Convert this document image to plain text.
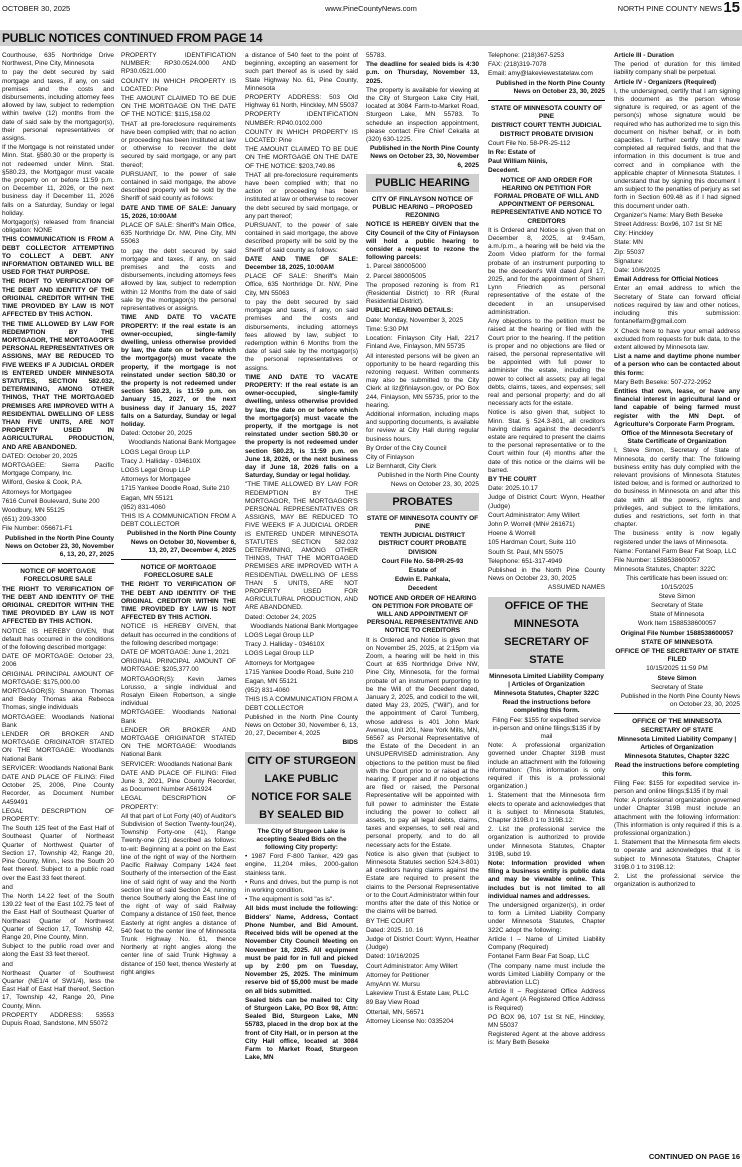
OCTOBER 30, 2025	www.PineCountyNews.com	NORTH PINE COUNTY NEWS 15
PUBLIC NOTICES CONTINUED FROM PAGE 14

Courthouse, 635 Northridge Drive Northwest, Pine City, Minnesota

to pay the debt secured by said mortgage and taxes, if any, on said premises and the costs and disbursements, including attorney fees allowed by law, subject to redemption within twelve (12) months from the date of said sale by the mortgagor(s), their personal representatives or assigns.

If the Mortgage is not reinstated under Minn. Stat. §580.30 or the property is not redeemed under Minn. Stat. §580.23, the Mortgagor must vacate the property on or before 11:59 p.m. on December 11, 2026, or the next business day if December 11, 2026 falls on a Saturday, Sunday or legal holiday.

Mortgagor(s) released from financial obligation: NONE

THIS COMMUNICATION IS FROM A DEBT COLLECTOR ATTEMPTING TO COLLECT A DEBT. ANY INFORMATION OBTAINED WILL BE USED FOR THAT PURPOSE.

THE RIGHT TO VERIFICATION OF THE DEBT AND IDENTITY OF THE ORIGINAL CREDITOR WITHIN THE TIME PROVIDED BY LAW IS NOT AFFECTED BY THIS ACTION.

THE TIME ALLOWED BY LAW FOR REDEMPTION BY THE MORTGAGOR, THE MORTGAGOR'S PERSONAL REPRESENTATIVES OR ASSIGNS, MAY BE REDUCED TO FIVE WEEKS IF A JUDICIAL ORDER IS ENTERED UNDER MINNESOTA STATUTES, SECTION 582.032, DETERMINING, AMONG OTHER THINGS, THAT THE MORTGAGED PREMISES ARE IMPROVED WITH A RESIDENTIAL DWELLING OF LESS THAN FIVE UNITS, ARE NOT PROPERTY USED IN AGRICULTURAL PRODUCTION, AND ARE ABANDONED.

DATED: October 20, 2025

MORTGAGEE: Sierra Pacific Mortgage Company, Inc.

Wilford, Geske & Cook, P.A.

Attorneys for Mortgagee

7616 Currell Boulevard, Suite 200

Woodbury, MN 55125

(651) 209-3300

File Number: 056671-F1

Published in the North Pine County News on October 23, 30, November 6, 13, 20, 27, 2025

NOTICE OF MORTGAGE FORECLOSURE SALE

THE RIGHT TO VERIFICATION OF THE DEBT AND IDENTITY OF THE ORIGINAL CREDITOR WITHIN THE TIME PROVIDED BY LAW IS NOT AFFECTED BY THIS ACTION.

NOTICE IS HEREBY GIVEN, that default has occurred in the conditions of the following described mortgage:

DATE OF MORTGAGE: October 23, 2006

ORIGINAL PRINCIPAL AMOUNT OF MORTGAGE: $175,000.00

MORTGAGOR(S): Shannon Thomas and Becky Thomas aka Rebecca Thomas, single individuals

MORTGAGEE: Woodlands National Bank

LENDER OR BROKER AND MORTGAGE ORIGINATOR STATED ON THE MORTGAGE: Woodlands National Bank

SERVICER: Woodlands National Bank

DATE AND PLACE OF FILING: Filed October 25, 2006, Pine County Recorder, as Document Number A459491

LEGAL DESCRIPTION OF PROPERTY:

The South 125 feet of the East Half of Southeast Quarter of Northeast Quarter of Northwest Quarter of Section 17, Township 42, Range 20, Pine County, Minn., less the South 20 feet thereof. Subject to a public road over the East 33 feet thereof.

and

The North 14.22 feet of the South 139.22 feet of the East 102.75 feet of the East Half of Southeast Quarter of Northeast Quarter of Northwest Quarter of Section 17, Township 42, Range 20, Pine County, Minn.

Subject to the public road over and along the East 33 feet thereof.

and

Northeast Quarter of Southwest Quarter (NE1/4 of SW1/4), less the East Half of East Half thereof, Section 17, Township 42, Range 20, Pine County, Minn.

PROPERTY ADDRESS: 53553 Dupuis Road, Sandstone, MN 55072

PROPERTY IDENTIFICATION NUMBER: RP30.0524.000 AND RP30.0521.000

COUNTY IN WHICH PROPERTY IS LOCATED: Pine

THE AMOUNT CLAIMED TO BE DUE ON THE MORTGAGE ON THE DATE OF THE NOTICE: $115,158.02

THAT all pre-foreclosure requirements have been complied with; that no action or proceeding has been instituted at law or otherwise to recover the debt secured by said mortgage, or any part thereof;

PURSUANT, to the power of sale contained in said mortgage, the above described property will be sold by the Sheriff of said county as follows:

DATE AND TIME OF SALE: January 15, 2026, 10:00AM

PLACE OF SALE: Sheriff's Main Office, 635 Northridge Dr. NW, Pine City, MN 55063

to pay the debt secured by said mortgage and taxes, if any, on said premises and the costs and disbursements, including attorneys fees allowed by law, subject to redemption within 12 Months from the date of said sale by the mortgagor(s) the personal representatives or assigns.

TIME AND DATE TO VACATE PROPERTY: If the real estate is an owner-occupied, single-family dwelling, unless otherwise provided by law, the date on or before which the mortgagor(s) must vacate the property, if the mortgage is not reinstated under section 580.30 or the property is not redeemed under section 580.23, is 11:59 p.m. on January 15, 2027, or the next business day if January 15, 2027 falls on a Saturday, Sunday or legal holiday.

Dated: October 20, 2025

Woodlands National Bank Mortgagee

LOGS Legal Group LLP

Tracy J. Halliday - 034610X

LOGS Legal Group LLP

Attorneys for Mortgagee

1715 Yankee Doodle Road, Suite 210

Eagan, MN 55121

(952) 831-4060

THIS IS A COMMUNICATION FROM A DEBT COLLECTOR

Published in the North Pine County News on October 30, November 6, 13, 20, 27, December 4, 2025

NOTICE OF MORTGAGE FORECLOSURE SALE

THE RIGHT TO VERIFICATION OF THE DEBT AND IDENTITY OF THE ORIGINAL CREDITOR WITHIN THE TIME PROVIDED BY LAW IS NOT AFFECTED BY THIS ACTION.

NOTICE IS HEREBY GIVEN, that default has occurred in the conditions of the following described mortgage:

DATE OF MORTGAGE: June 1, 2021

ORIGINAL PRINCIPAL AMOUNT OF MORTGAGE: $205,377.00

MORTGAGOR(S): Kevin James Lorusso, a single individual and Rosalyn Eileen Robertson, a single individual

MORTGAGEE: Woodlands National Bank

LENDER OR BROKER AND MORTGAGE ORIGINATOR STATED ON THE MORTGAGE: Woodlands National Bank

SERVICER: Woodlands National Bank

DATE AND PLACE OF FILING: Filed June 3, 2021, Pine County Recorder, as Document Number A561924

LEGAL DESCRIPTION OF PROPERTY:

All that part of Lot Forty (40) of Auditor's Subdivision of Section Twenty-four(24), Township Forty-one (41), Range Twenty-one (21) described as follows: to-wit: Beginning at a point on the East line of the right of way of the Northern Pacific Railway Company 1424 feet Southerly of the intersection of the East line of said right of way and the North section line of said Section 24, running thence Southerly along the East line of the right of way of said Railway Company a distance of 150 feet, thence Easterly at right angles a distance of 540 feet to the center line of Minnesota Trunk Highway No. 61, thence Northerly at right angles along the center line of said Trunk Highway a distance of 150 feet, thence Westerly at right angles

a distance of 540 feet to the point of beginning, excepting an easement for such part thereof as is used by said State Highway No. 61, Pine County, Minnesota

PROPERTY ADDRESS: 503 Old Highway 61 North, Hinckley, MN 55037

PROPERTY IDENTIFICATION NUMBER: RP40.0102.000

COUNTY IN WHICH PROPERTY IS LOCATED: Pine

THE AMOUNT CLAIMED TO BE DUE ON THE MORTGAGE ON THE DATE OF THE NOTICE: $203,749.86

THAT all pre-foreclosure requirements have been complied with; that no action or proceeding has been instituted at law or otherwise to recover the debt secured by said mortgage, or any part thereof;

PURSUANT, to the power of sale contained in said mortgage, the above described property will be sold by the Sheriff of said county as follows:

DATE AND TIME OF SALE: December 18, 2025, 10:00AM

PLACE OF SALE: Sheriff's Main Office, 635 Northridge Dr. NW, Pine City, MN 55063

to pay the debt secured by said mortgage and taxes, if any, on said premises and the costs and disbursements, including attorneys fees allowed by law, subject to redemption within 6 Months from the date of said sale by the mortgagor(s) the personal representatives or assigns.

TIME AND DATE TO VACATE PROPERTY: If the real estate is an owner-occupied, single-family dwelling, unless otherwise provided by law, the date on or before which the mortgagor(s) must vacate the property, if the mortgage is not reinstated under section 580.30 or the property is not redeemed under section 580.23, is 11:59 p.m. on June 18, 2026, or the next business day if June 18, 2026 falls on a Saturday, Sunday or legal holiday.

"THE TIME ALLOWED BY LAW FOR REDEMPTION BY THE MORTGAGOR, THE MORTGAGOR'S PERSONAL REPRESENTATIVES OR ASSIGNS, MAY BE REDUCED TO FIVE WEEKS IF A JUDICIAL ORDER IS ENTERED UNDER MINNESOTA STATUTES SECTION 582.032 DETERMINING, AMONG OTHER THINGS, THAT THE MORTGAGED PREMISES ARE IMPROVED WITH A RESIDENTIAL DWELLING OF LESS THAN 5 UNITS, ARE NOT PROPERTY USED FOR AGRICULTURAL PRODUCTION, AND ARE ABANDONED.

Dated: October 24, 2025

Woodlands National Bank Mortgagee

LOGS Legal Group LLP

Tracy J. Halliday - 034610X

LOGS Legal Group LLP

Attorneys for Mortgagee

1715 Yankee Doodle Road, Suite 210

Eagan, MN 55121

(952) 831-4060

THIS IS A COMMUNICATION FROM A DEBT COLLECTOR

Published in the North Pine County News on October 30, November 6, 13, 20, 27, December 4, 2025

BIDS

CITY OF STURGEON LAKE PUBLIC NOTICE FOR SALE BY SEALED BID

The City of Sturgeon Lake is accepting Sealed Bids on the following City property:

• 1987 Ford F-800 Tanker, 429 gas engine, 11,204 miles, 2000-gallon stainless tank.

• Runs and drives, but the pump is not in working condition.

• The equipment is sold "as is".

All bids must include the following: Bidders' Name, Address, Contact Phone Number, and Bid Amount. Received bids will be opened at the November City Council Meeting on November 18, 2025. All equipment must be paid for in full and picked up by 2:00 pm on Tuesday, November 25, 2025. The minimum reserve bid of $5,000 must be made on all bids submitted.

Sealed bids can be mailed to: City of Sturgeon Lake, PO Box 98, Attn: Sealed Bid, Sturgeon Lake, MN 55783, placed in the drop box at the front of City Hall, or in person at the City Hall office, located at 3084 Farm to Market Road, Sturgeon Lake, MN

55783.

The deadline for sealed bids is 4:30 p.m. on Thursday, November 13, 2025.

The property is available for viewing at the City of Sturgeon Lake City Hall, located at 3084 Farm-to-Market Road, Sturgeon Lake, MN 55783. To schedule an inspection appointment, please contact Fire Chief Cekalla at (320) 630-1225.

Published in the North Pine County News on October 23, 30, November 6, 2025

PUBLIC HEARING

CITY OF FINLAYSON NOTICE OF PUBLIC HEARING – PROPOSED REZONING

NOTICE IS HEREBY GIVEN that the City Council of the City of Finlayson will hold a public hearing to consider a request to rezone the following parcels:

1. Parcel 380005000

2. Parcel 380005005

The proposed rezoning is from R1 (Residential District) to RR (Rural Residential District).

PUBLIC HEARING DETAILS:

Date: Monday, November 3, 2025

Time: 5:30 PM

Location: Finlayson City Hall, 2217 Finland Ave, Finlayson, MN 55735

All interested persons will be given an opportunity to be heard regarding this rezoning request. Written comments may also be submitted to the City Clerk at liz@finlayson.gov, or PO Box 244, Finlayson, MN 55735, prior to the hearing.

Additional information, including maps and supporting documents, is available for review at City Hall during regular business hours.

By Order of the City Council

City of Finlayson

Liz Bernhardt, City Clerk

Published in the North Pine County News on October 23, 30, 2025

PROBATES

STATE OF MINNESOTA COUNTY OF PINE

TENTH JUDICIAL DISTRICT DISTRICT COURT PROBATE DIVISION

Court File No. 58-PR-25-93

Estate of

Edwin E. Pahkala,

Decedent

NOTICE AND ORDER OF HEARING ON PETITION FOR PROBATE OF WILL AND APPOINTMENT OF PERSONAL REPRESENTATIVE AND NOTICE TO CREDITORS

It is Ordered and Notice is given that on November 25, 2025, at 2:15pm via Zoom, a hearing will be held in this Court at 635 Northridge Drive NW, Pine City, Minnesota, for the formal probate of an instrument purporting to be the Will of the Decedent dated, January 2, 2025, and codicil to the will, dated May 23, 2025, ("Will"), and for the appointment of Carol Tumberg, whose address is 401 John Mark Avenue, Unit 201, New York Mills, MN, 56567 as Personal Representative of the Estate of the Decedent in an UNSUPERVISED administration. Any objections to the petition must be filed with the Court prior to or raised at the hearing. If proper and if no objections are filed or raised, the Personal Representative will be appointed with full power to administer the Estate including the power to collect all assets, to pay all legal debts, claims, taxes and expenses, to sell real and personal property, and to do all necessary acts for the Estate.

Notice is also given that (subject to Minnesota Statutes section 524.3-801) all creditors having claims against the Estate are required to present the claims to the Personal Representative or to the Court Administrator within four months after the date of this Notice or the claims will be barred.

BY THE COURT

Dated: 2025. 10. 16

Judge of District Court: Wynn, Heather (Judge)

Dated: 10/16/2025

Court Administrator: Amy Willert

Attorney for Petitioner

AmyAnn W. Mursu

Lakeview Trust & Estate Law, PLLC

89 Bay View Road

Ottertail, MN, 56571

Attorney License No: 0335204

Telephone: (218)367-5253

FAX: (218)319-7078

Email: amy@lakeviewestatelaw.com

Published in the North Pine County News on October 23, 30, 2025

STATE OF MINNESOTA COUNTY OF PINE

DISTRICT COURT TENTH JUDICIAL DISTRICT PROBATE DIVISION

Court File No. 58-PR-25-112

In Re: Estate of

Paul William Niinis,

Decedent.

NOTICE OF AND ORDER FOR HEARING ON PETITION FOR FORMAL PROBATE OF WILL AND APPOINTMENT OF PERSONAL REPRESENTATIVE AND NOTICE TO CREDITORS

It is Ordered and Notice is given that on December 8, 2025, at 9:45am, a.m./p.m., a hearing will be held via the Zoom Video platform for the formal probate of an instrument purporting to be the decedent's Will dated April 17, 2025, and for the appointment of Sherri Lynn Friedrich as personal representative of the estate of the decedent in an unsupervised administration.

Any objections to the petition must be raised at the hearing or filed with the Court prior to the hearing. If the petition is proper and no objections are filed or raised, the personal representative will be appointed with full power to administer the estate, including the power to collect all assets; pay all legal debts, claims, taxes, and expenses; sell real and personal property; and do all necessary acts for the estate.

Notice is also given that, subject to Minn. Stat. § 524.3-801, all creditors having claims against the decedent's estate are required to present the claims to the personal representative or to the Court within four (4) months after the date of this notice or the claims will be barred.

BY THE COURT

Date: 2025.10.17

Judge of District Court: Wynn, Heather (Judge)

Court Administrator: Amy Willert

John P. Worrell (MN# 261671)

Hoene & Worrell

105 Hardman Court, Suite 110

South St. Paul, MN 55075

Telephone: 651-317-4949

Published in the North Pine County News on October 23, 30, 2025

ASSUMED NAMES

OFFICE OF THE MINNESOTA SECRETARY OF STATE

Minnesota Limited Liability Company | Articles of Organization

Minnesota Statutes, Chapter 322C

Read the instructions before completing this form.

Filing Fee: $155 for expedited service in-person and online filings;$135 if by mail

Note: A professional organization governed under Chapter 319B must include an attachment with the following information: (This information is only required if this is a professional organization.)

1. Statement that the Minnesota firm elects to operate and acknowledges that it is subject to Minnesota Statutes, Chapter 319B.0 1 to 319B.12:

2. List the professional service the organization is authorized to provide under Minnesota Statutes, Chapter 319B, subd 19.

Note: Information provided when filing a business entity is public data and may be viewable online. This includes but is not limited to all individual names and addresses.

The undersigned organizer(s), in order to form a Limited Liability Company under Minnesota Statutes, Chapter 322C adopt the following:

Article I – Name of Limited Liability Company (Required)

Fontanel Farm Bear Fat Soap, LLC

(The company name must include the words Limited Liability Company or the abbreviation LLC)

Article II – Registered Office Address and Agent (A Registered Office Address is Required)

PO BOX 96, 107 1st St NE, Hinckley, MN 55037

Registered Agent at the above address is: Mary Beth Beseke

Article III - Duration

The period of duration for this limited liability company shall be perpetual.

Article IV - Organizers (Required)

I, the undersigned, certify that I am signing this document as the person whose signature is required, or as agent of the person(s) whose signature would be required who has authorized me to sign this document on his/her behalf, or in both capacities. I further certify that I have completed all required fields, and that the information in this document is true and correct and in compliance with the applicable chapter of Minnesota Statutes. I understand that by signing this document I am subject to the penalties of perjury as set forth in Section 609.48 as if I had signed this document under oath.

Organizer's Name: Mary Beth Beseke

Street Address: Box96, 107 1st St NE

City: Hinckley

State: MN

Zip: 55037

Signature:

Date: 10/6/2025

Email Address for Official Notices

Enter an email address to which the Secretary of State can forward official notices required by law and other notices, including this submission: fontanelfarm@gmail.com

X Check here to have your email address excluded from requests for bulk data, to the extent allowed by Minnesota law.

List a name and daytime phone number of a person who can be contacted about this form:

Mary Beth Beseke: 507-272-2952

Entities that own, lease, or have any financial interest in agricultural land or land capable of being farmed must register with the MN Dept. of Agriculture's Corporate Farm Program.

Office of the Minnesota Secretary of State Certificate of Organization

I, Steve Simon, Secretary of State of Minnesota, do certify that: The following business entity has duly complied with the relevant provisions of Minnesota Statutes listed below, and is formed or authorized to do business in Minnesota on and after this date with all the powers, rights and privileges, and subject to the limitations, duties and restrictions, set forth in that chapter.

The business entity is now legally registered under the laws of Minnesota.

Name: Fontanel Farm Bear Fat Soap, LLC

File Number: 1588538600057

Minnesota Statutes, Chapter: 322C

This certificate has been issued on: 10/15/2025

Steve Simon

Secretary of State

State of Minnesota

Work Item 1588538600057

Original File Number 1588538600057

STATE OF MINNESOTA

OFFICE OF THE SECRETARY OF STATE FILED

10/15/2025 11:59 PM

Steve Simon

Secretary of State

Published in the North Pine County News on October 23, 30, 2025

OFFICE OF THE MINNESOTA SECRETARY OF STATE

Minnesota Limited Liability Company | Articles of Organization

Minnesota Statutes, Chapter 322C

Read the instructions before completing this form.

Filing Fee: $155 for expedited service in-person and online filings;$135 if by mail

Note: A professional organization governed under Chapter 319B must include an attachment with the following information: (This information is only required if this is a professional organization.)

1. Statement that the Minnesota firm elects to operate and acknowledges that it is subject to Minnesota Statutes, Chapter 319B.0 1 to 319B.12:

2. List the professional service the organization is authorized to

CONTINUED ON PAGE 16
